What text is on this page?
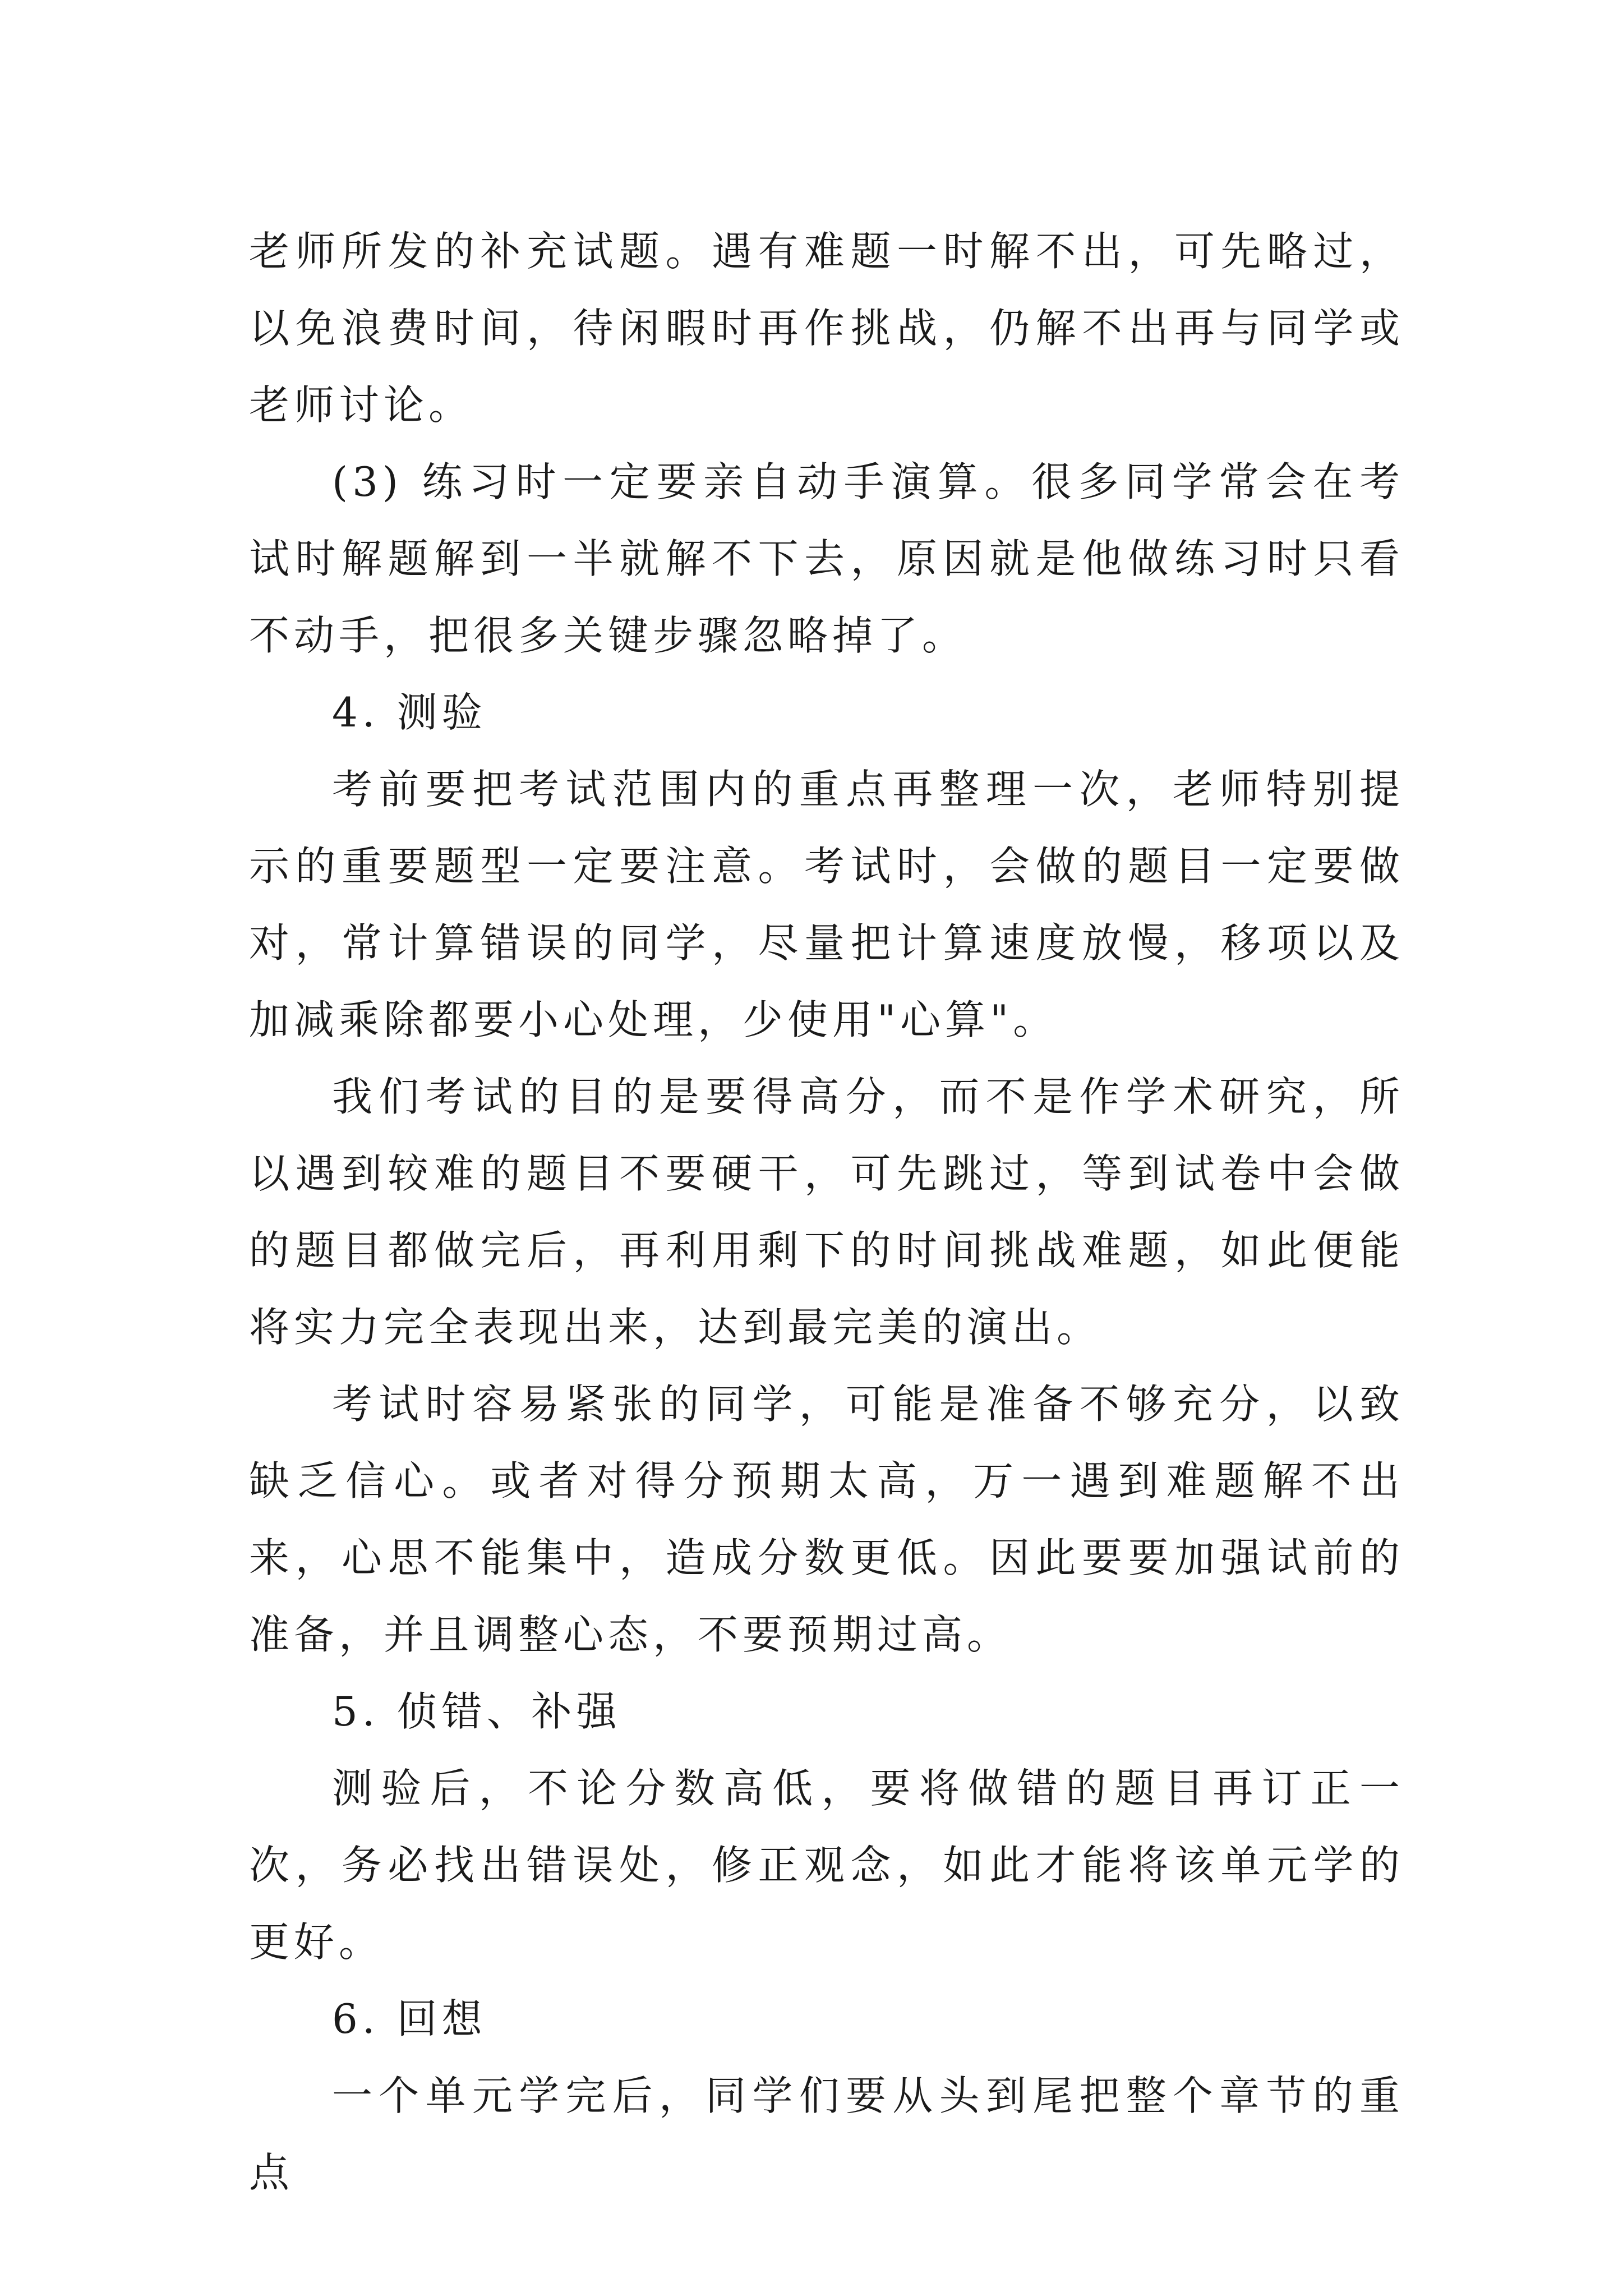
老师所发的补充试题。遇有难题一时解不出，可先略过，以免浪费时间，待闲暇时再作挑战，仍解不出再与同学或老师讨论。

(3) 练习时一定要亲自动手演算。很多同学常会在考试时解题解到一半就解不下去，原因就是他做练习时只看不动手，把很多关键步骤忽略掉了。

4. 测验

考前要把考试范围内的重点再整理一次，老师特别提示的重要题型一定要注意。考试时，会做的题目一定要做对，常计算错误的同学，尽量把计算速度放慢，移项以及加减乘除都要小心处理，少使用"心算"。

我们考试的目的是要得高分，而不是作学术研究，所以遇到较难的题目不要硬干，可先跳过，等到试卷中会做的题目都做完后，再利用剩下的时间挑战难题，如此便能将实力完全表现出来，达到最完美的演出。

考试时容易紧张的同学，可能是准备不够充分，以致缺乏信心。或者对得分预期太高，万一遇到难题解不出来，心思不能集中，造成分数更低。因此要要加强试前的准备，并且调整心态，不要预期过高。

5. 侦错、补强

测验后，不论分数高低，要将做错的题目再订正一次，务必找出错误处，修正观念，如此才能将该单元学的更好。

6. 回想

一个单元学完后，同学们要从头到尾把整个章节的重点
